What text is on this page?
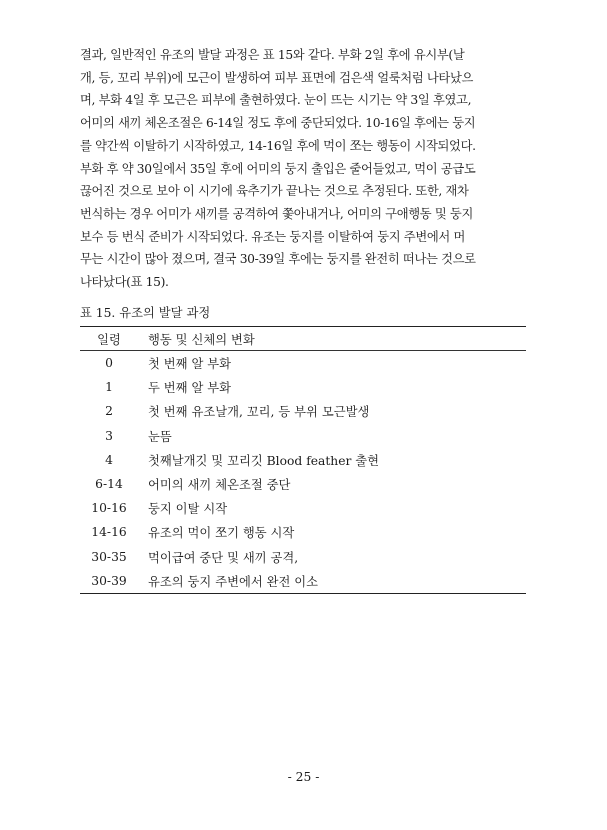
결과, 일반적인 유조의 발달 과정은 표 15와 같다. 부화 2일 후에 유시부(날
개, 등, 꼬리 부위)에 모근이 발생하여 피부 표면에 검은색 얼룩처럼 나타났으
며, 부화 4일 후 모근은 피부에 출현하였다. 눈이 뜨는 시기는 약 3일 후였고,
어미의 새끼 체온조절은 6-14일 정도 후에 중단되었다. 10-16일 후에는 둥지
를 약간씩 이탈하기 시작하였고, 14-16일 후에 먹이 쪼는 행동이 시작되었다.
부화 후 약 30일에서 35일 후에 어미의 둥지 출입은 줄어들었고, 먹이 공급도
끊어진 것으로 보아 이 시기에 육추기가 끝나는 것으로 추정된다. 또한, 재차
번식하는 경우 어미가 새끼를 공격하여 쫓아내거나, 어미의 구애행동 및 둥지
보수 등 번식 준비가 시작되었다. 유조는 둥지를 이탈하여 둥지 주변에서 머
무는 시간이 많아 졌으며, 결국 30-39일 후에는 둥지를 완전히 떠나는 것으로
나타났다(표 15).

표 15. 유조의 발달 과정

일령	행동 및 신체의 변화
0	첫 번째 알 부화
1	두 번째 알 부화
2	첫 번째 유조날개, 꼬리, 등 부위 모근발생
3	눈뜸
4	첫째날개깃 및 꼬리깃 Blood feather 출현
6-14	어미의 새끼 체온조절 중단
10-16	둥지 이탈 시작
14-16	유조의 먹이 쪼기 행동 시작
30-35	먹이급여 중단 및 새끼 공격,
30-39	유조의 둥지 주변에서 완전 이소

- 25 -
